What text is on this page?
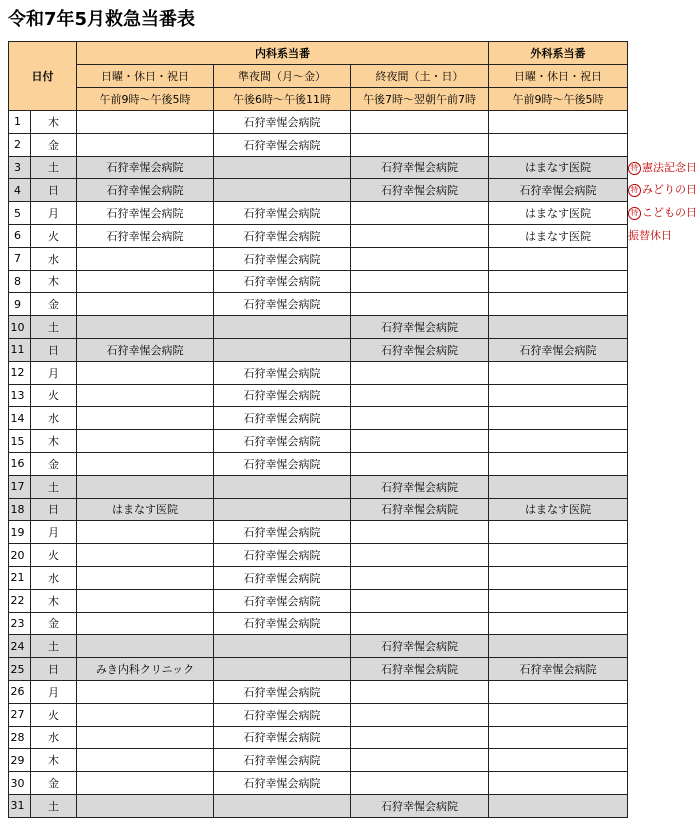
令和7年5月救急当番表
日付		内科系当番			外科系当番
		日曜・休日・祝日	準夜間（月～金）	終夜間（土・日）	日曜・休日・祝日
		午前9時～午後5時	午後6時～午後11時	午後7時～翌朝午前7時	午前9時～午後5時
1	木		石狩幸惺会病院		
2	金		石狩幸惺会病院		
3	土	石狩幸惺会病院		石狩幸惺会病院	はまなす医院
4	日	石狩幸惺会病院		石狩幸惺会病院	石狩幸惺会病院
5	月	石狩幸惺会病院	石狩幸惺会病院		はまなす医院
6	火	石狩幸惺会病院	石狩幸惺会病院		はまなす医院
7	水		石狩幸惺会病院		
8	木		石狩幸惺会病院		
9	金		石狩幸惺会病院		
10	土			石狩幸惺会病院	
11	日	石狩幸惺会病院		石狩幸惺会病院	石狩幸惺会病院
12	月		石狩幸惺会病院		
13	火		石狩幸惺会病院		
14	水		石狩幸惺会病院		
15	木		石狩幸惺会病院		
16	金		石狩幸惺会病院		
17	土			石狩幸惺会病院	
18	日	はまなす医院		石狩幸惺会病院	はまなす医院
19	月		石狩幸惺会病院		
20	火		石狩幸惺会病院		
21	水		石狩幸惺会病院		
22	木		石狩幸惺会病院		
23	金		石狩幸惺会病院		
24	土			石狩幸惺会病院	
25	日	みき内科クリニック		石狩幸惺会病院	石狩幸惺会病院
26	月		石狩幸惺会病院		
27	火		石狩幸惺会病院		
28	水		石狩幸惺会病院		
29	木		石狩幸惺会病院		
30	金		石狩幸惺会病院		
31	土			石狩幸惺会病院	
特 憲法記念日
特 みどりの日
特 こどもの日
振替休日
